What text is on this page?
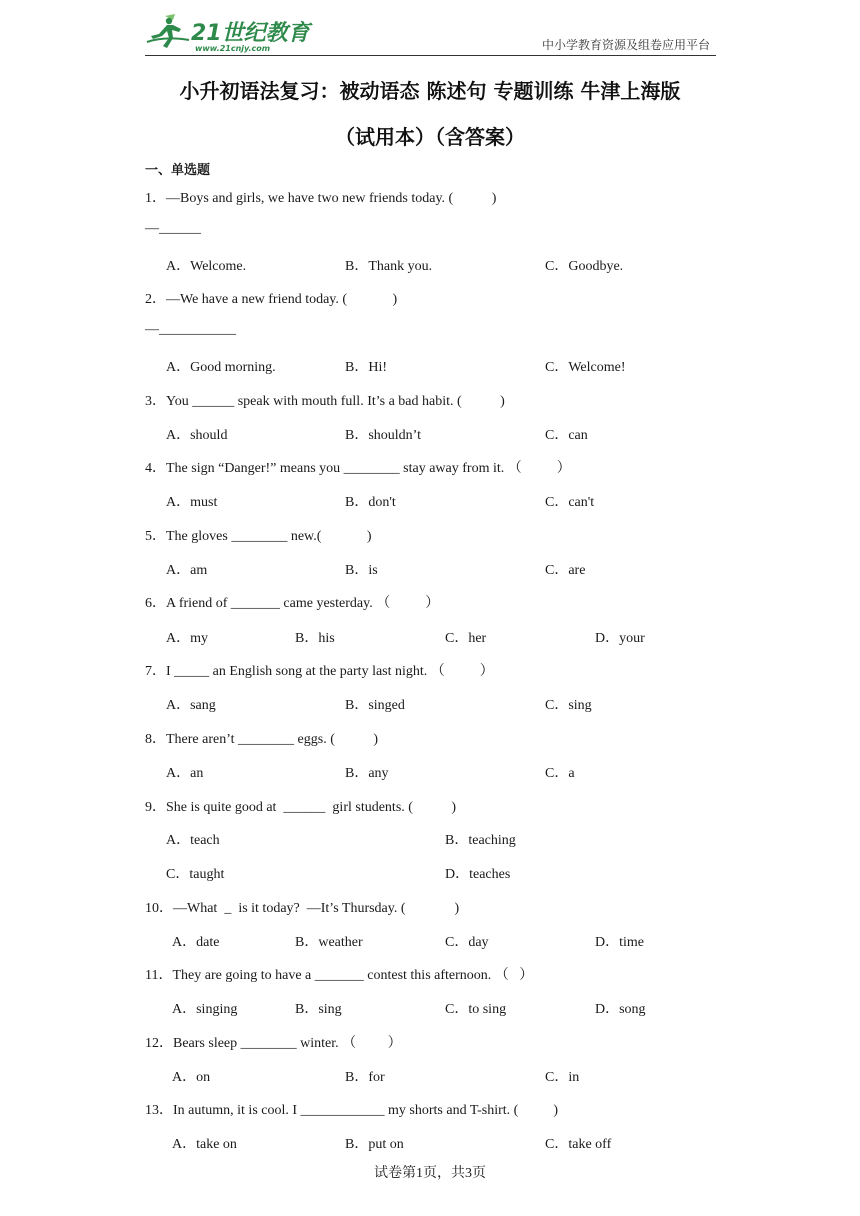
21世纪教育
www.21cnjy.com	中小学教育资源及组卷应用平台
小升初语法复习：被动语态 陈述句 专题训练 牛津上海版
（试用本）（含答案）
一、单选题
1．—Boys and girls, we have two new friends today. (           )
—______
A．Welcome.	B．Thank you.	C．Goodbye.
2．—We have a new friend today. (             )
—___________
A．Good morning.	B．Hi!	C．Welcome!
3．You ______ speak with mouth full. It’s a bad habit. (           )
A．should	B．shouldn’t	C．can
4．The sign “Danger!” means you ________ stay away from it. （          ）
A．must	B．don't	C．can't
5．The gloves ________ new.(             )
A．am	B．is	C．are
6．A friend of _______ came yesterday. （          ）
A．my	B．his	C．her	D．your
7．I _____ an English song at the party last night. （          ）
A．sang	B．singed	C．sing
8．There aren’t ________ eggs. (           )
A．an	B．any	C．a
9．She is quite good at  ______  girl students. (           )
A．teach	B．teaching
C．taught	D．teaches
10．—What  _  is it today?  —It’s Thursday. (              )
A．date	B．weather	C．day	D．time
11．They are going to have a _______ contest this afternoon. （   ）
A．singing	B．sing	C．to sing	D．song
12．Bears sleep ________ winter. （         ）
A．on	B．for	C．in
13．In autumn, it is cool. I ____________ my shorts and T-shirt. (          )
A．take on	B．put on	C．take off
试卷第1页，共3页
